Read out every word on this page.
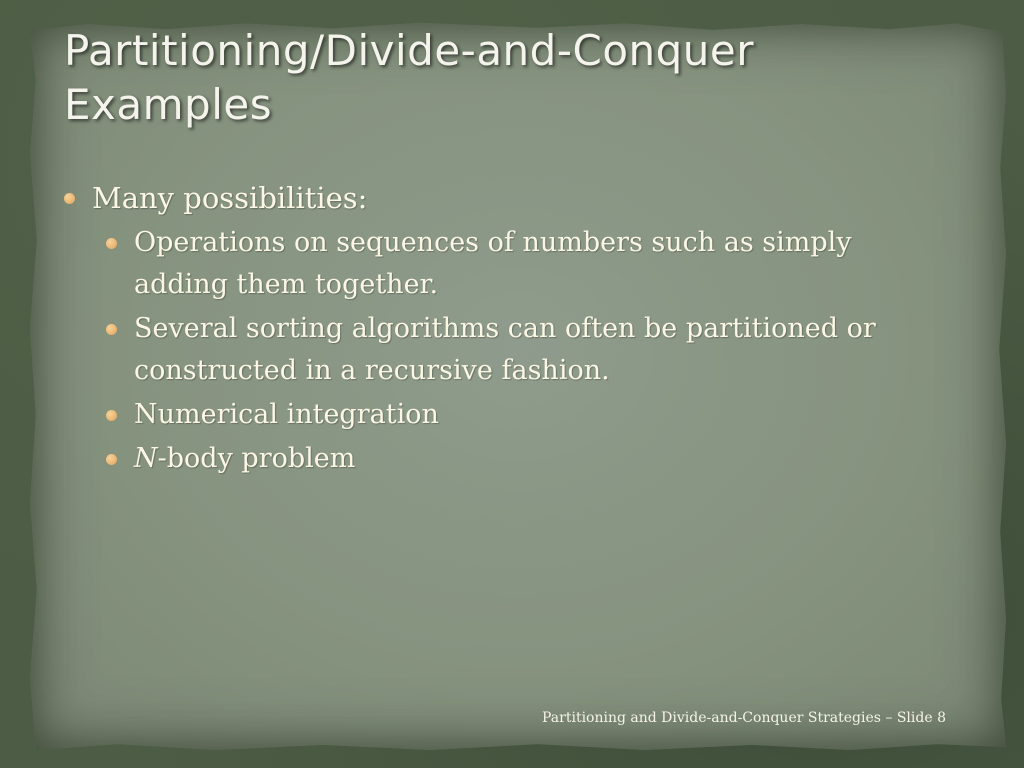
Partitioning/Divide-and-Conquer Examples
Many possibilities:
Operations on sequences of numbers such as simply adding them together.
Several sorting algorithms can often be partitioned or constructed in a recursive fashion.
Numerical integration
N-body problem
Partitioning and Divide-and-Conquer Strategies – Slide 8
